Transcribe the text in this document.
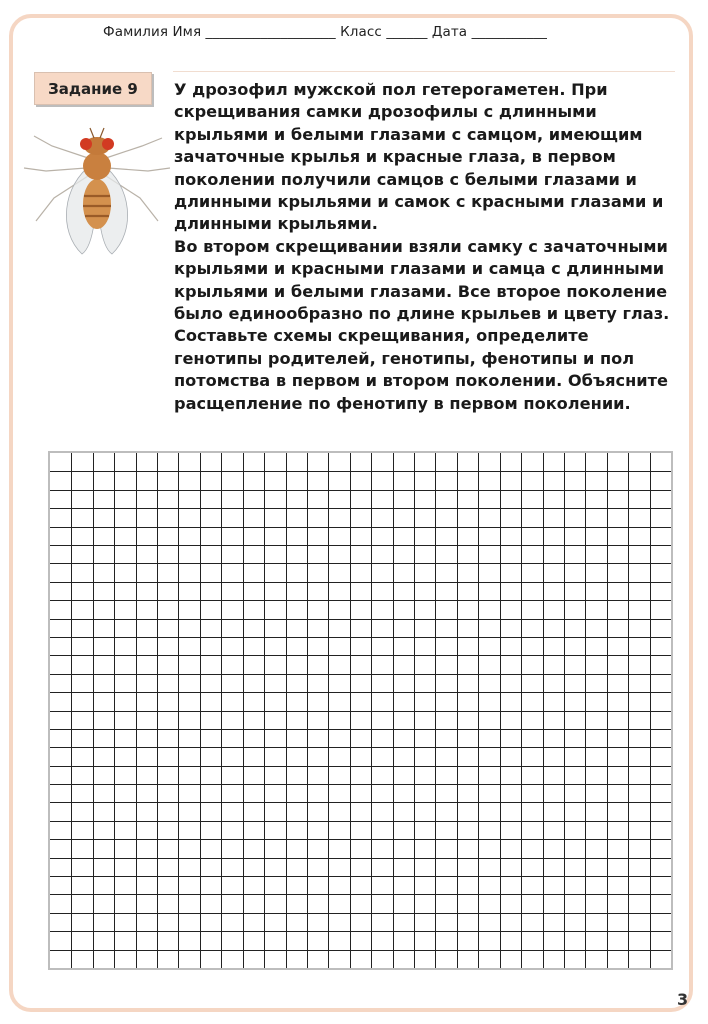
Фамилия Имя ___________________ Класс ______ Дата ___________
Задание 9	У дрозофил мужской пол гетерогаметен. При
скрещивания самки дрозофилы с длинными
крыльями и белыми глазами с самцом, имеющим
зачаточные крылья и красные глаза, в первом
поколении получили самцов с белыми глазами и
длинными крыльями и самок с красными глазами и
длинными крыльями.
Во втором скрещивании взяли самку с зачаточными
крыльями и красными глазами и самца с длинными
крыльями и белыми глазами. Все второе поколение
было единообразно по длине крыльев и цвету глаз.
Составьте схемы скрещивания, определите
генотипы родителей, генотипы, фенотипы и пол
потомства в первом и втором поколении. Объясните
расщепление по фенотипу в первом поколении.
3
